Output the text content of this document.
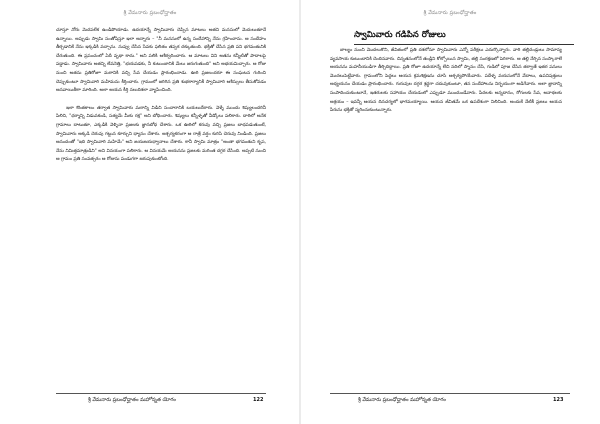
శ్రీ వేమనారు ప్రబంధోద్ఘాతం

చూస్తూ నోరు మెదపలేక ఉండిపోయాడు. ఉదయాన్నే స్వామివారు చెప్పిన మాటలు అతని మనసులో మెదులుతూనే ఉన్నాయి. అప్పుడు స్వామి సంతోషిస్తూ ఇలా అన్నారు – "నీ మనసులో ఉన్న సందేహాన్ని నేను గ్రహించాను. ఆ సందేహం తీర్చడానికే నేను ఇక్కడికి వచ్చాను. నువ్వు చేసిన సేవకు ఫలితం తప్పక దక్కుతుంది. భక్తితో చేసిన ప్రతి పని భగవంతునికి చేరుతుంది. ఈ ప్రపంచంలో ఏదీ వృథా కాదు." అని పలికి ఆశీర్వదించారు. ఆ మాటలు విని అతను కన్నీటితో పాదాలపై పడ్డాడు. స్వామివారు అతన్ని లేవనెత్తి, "భయపడకు, నీ కుటుంబానికి మేలు జరుగుతుంది" అని అభయమిచ్చారు. ఆ రోజు నుంచి అతను ప్రతిరోజూ మఠానికి వచ్చి సేవ చేయడం ప్రారంభించాడు. ఊరి ప్రజలందరూ ఈ సంఘటన గురించి చెప్పుకుంటూ స్వామివారి మహిమను కీర్తించారు. గ్రామంలో జరిగిన ప్రతి శుభకార్యానికీ స్వామివారి ఆశీస్సులు తీసుకోవడం ఆనవాయితీగా మారింది. అలా ఆయన కీర్తి నలుదిశలా వ్యాపించింది.

ఇలా కొంతకాలం తర్వాత స్వామివారు మఠాన్ని విడిచి సంచారానికి బయలుదేరారు. వెళ్ళే ముందు శిష్యులందరినీ పిలిచి, "ధర్మాన్ని విడువకండి, సత్యమే మీకు రక్ష" అని బోధించారు. శిష్యులు కన్నీళ్ళతో వీడ్కోలు పలికారు. దారిలో అనేక గ్రామాలు దాటుతూ, ఎక్కడికి వెళ్ళినా ప్రజలకు జ్ఞానబోధ చేశారు. ఒక ఊరిలో కరువు వచ్చి ప్రజలు బాధపడుతుంటే, స్వామివారు అక్కడి చెరువు గట్టున కూర్చుని ధ్యానం చేశారు. ఆశ్చర్యకరంగా ఆ రాత్రే వర్షం కురిసి చెరువు నిండింది. ప్రజలు ఆనందంతో "ఇది స్వామివారి మహిమే" అని జయజయధ్వానాలు చేశారు. కానీ స్వామి మాత్రం "అంతా భగవంతుని కృప, నేను నిమిత్తమాత్రుడిని" అని వినయంగా పలికారు. ఆ వినయమే ఆయనను ప్రజలకు మరింత దగ్గర చేసింది. అప్పటి నుంచి ఆ గ్రామం ప్రతి సంవత్సరం ఆ రోజును పండుగగా జరుపుకుంటోంది.

శ్రీ వేమనారు ప్రబంధోద్ఘాతం మహోన్నత యోగం	122
శ్రీ వేమనారు ప్రబంధోద్ఘాతం
స్వామివారు గడిపిన రోజులు

బాల్యం నుంచి మొదలుకొని, జీవితంలో ప్రతి దశలోనూ స్వామివారు ఎన్నో పరీక్షలు ఎదుర్కొన్నారు. వారి తల్లిదండ్రులు సామాన్య వ్యవసాయ కుటుంబానికి చెందినవారు. చిన్నతనంలోనే తండ్రిని కోల్పోయిన స్వామి, తల్లి సంరక్షణలో పెరిగారు. ఆ తల్లి నేర్పిన సంస్కారాలే ఆయనను మహనీయుడిగా తీర్చిదిద్దాయి. ప్రతి రోజూ ఉదయాన్నే లేచి నదిలో స్నానం చేసి, గుడిలో పూజ చేసిన తర్వాతే ఇతర పనులు మొదలుపెట్టేవారు. గ్రామంలోని పెద్దలు ఆయన క్రమశిక్షణను చూసి ఆశ్చర్యపోయేవారు. పదేళ్ళ వయసులోనే వేదాలు, ఉపనిషత్తులు అధ్యయనం చేయడం ప్రారంభించారు. గురువుల దగ్గర శ్రద్ధగా చదువుకుంటూ, తన సందేహాలను నిర్భయంగా అడిగేవారు. అలా జ్ఞానాన్ని సంపాదించుకుంటూనే, ఇతరులకు సహాయం చేయడంలో ఎప్పుడూ ముందుండేవారు. పేదలకు అన్నదానం, రోగులకు సేవ, అనాథలకు ఆశ్రయం – ఇవన్నీ ఆయన దినచర్యలో భాగమయ్యాయి. ఆయన జీవితమే ఒక ఉపదేశంగా నిలిచింది. అందుకే నేటికీ ప్రజలు ఆయన పేరును భక్తితో స్మరించుకుంటున్నారు.

శ్రీ వేమనారు ప్రబంధోద్ఘాతం మహోన్నత యోగం	123
